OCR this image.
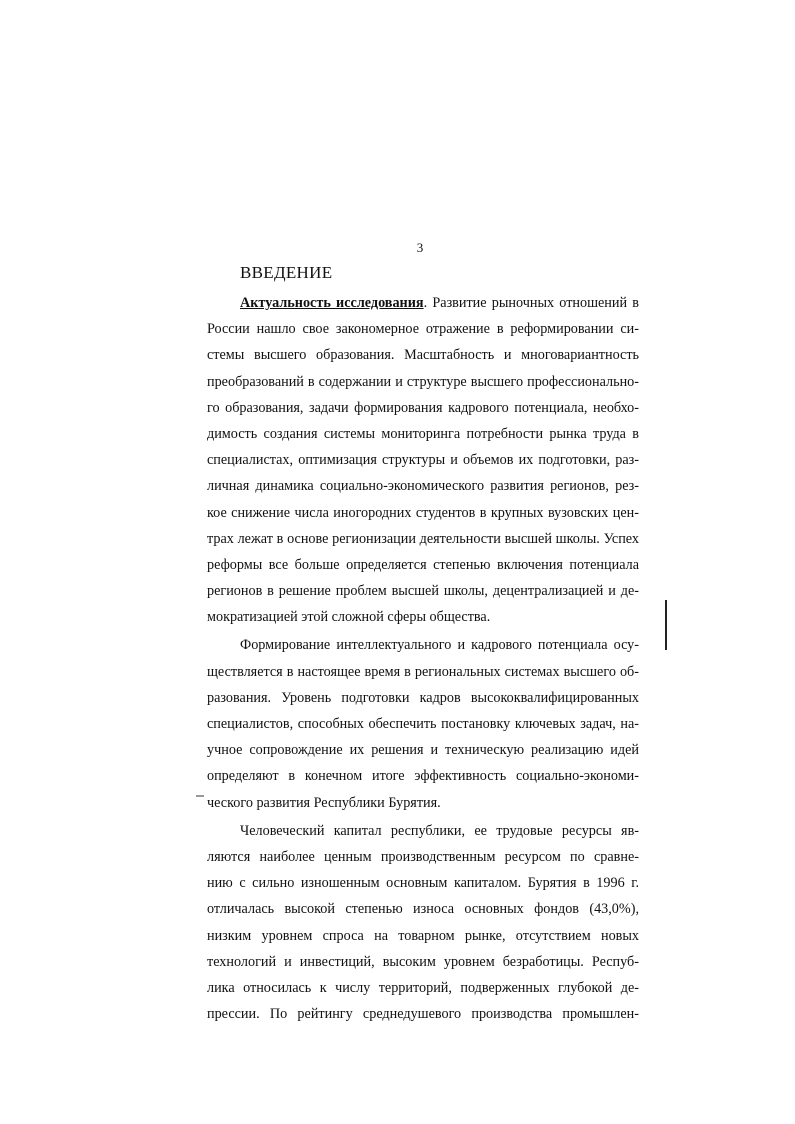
3
ВВЕДЕНИЕ
Актуальность исследования. Развитие рыночных отношений в
России нашло свое закономерное отражение в реформировании си-
стемы высшего образования. Масштабность и многовариантность
преобразований в содержании и структуре высшего профессионально-
го образования, задачи формирования кадрового потенциала, необхо-
димость создания системы мониторинга потребности рынка труда в
специалистах, оптимизация структуры и объемов их подготовки, раз-
личная динамика социально-экономического развития регионов, рез-
кое снижение числа иногородних студентов в крупных вузовских цен-
трах лежат в основе регионизации деятельности высшей школы. Успех
реформы все больше определяется степенью включения потенциала
регионов в решение проблем высшей школы, децентрализацией и де-
мократизацией этой сложной сферы общества.
Формирование интеллектуального и кадрового потенциала осу-
ществляется в настоящее время в региональных системах высшего об-
разования. Уровень подготовки кадров высококвалифицированных
специалистов, способных обеспечить постановку ключевых задач, на-
учное сопровождение их решения и техническую реализацию идей
определяют в конечном итоге эффективность социально-экономи-
ческого развития Республики Бурятия.
Человеческий капитал республики, ее трудовые ресурсы яв-
ляются наиболее ценным производственным ресурсом по сравне-
нию с сильно изношенным основным капиталом. Бурятия в 1996 г.
отличалась высокой степенью износа основных фондов (43,0%),
низким уровнем спроса на товарном рынке, отсутствием новых
технологий и инвестиций, высоким уровнем безработицы. Респуб-
лика относилась к числу территорий, подверженных глубокой де-
прессии. По рейтингу среднедушевого производства промышлен-
